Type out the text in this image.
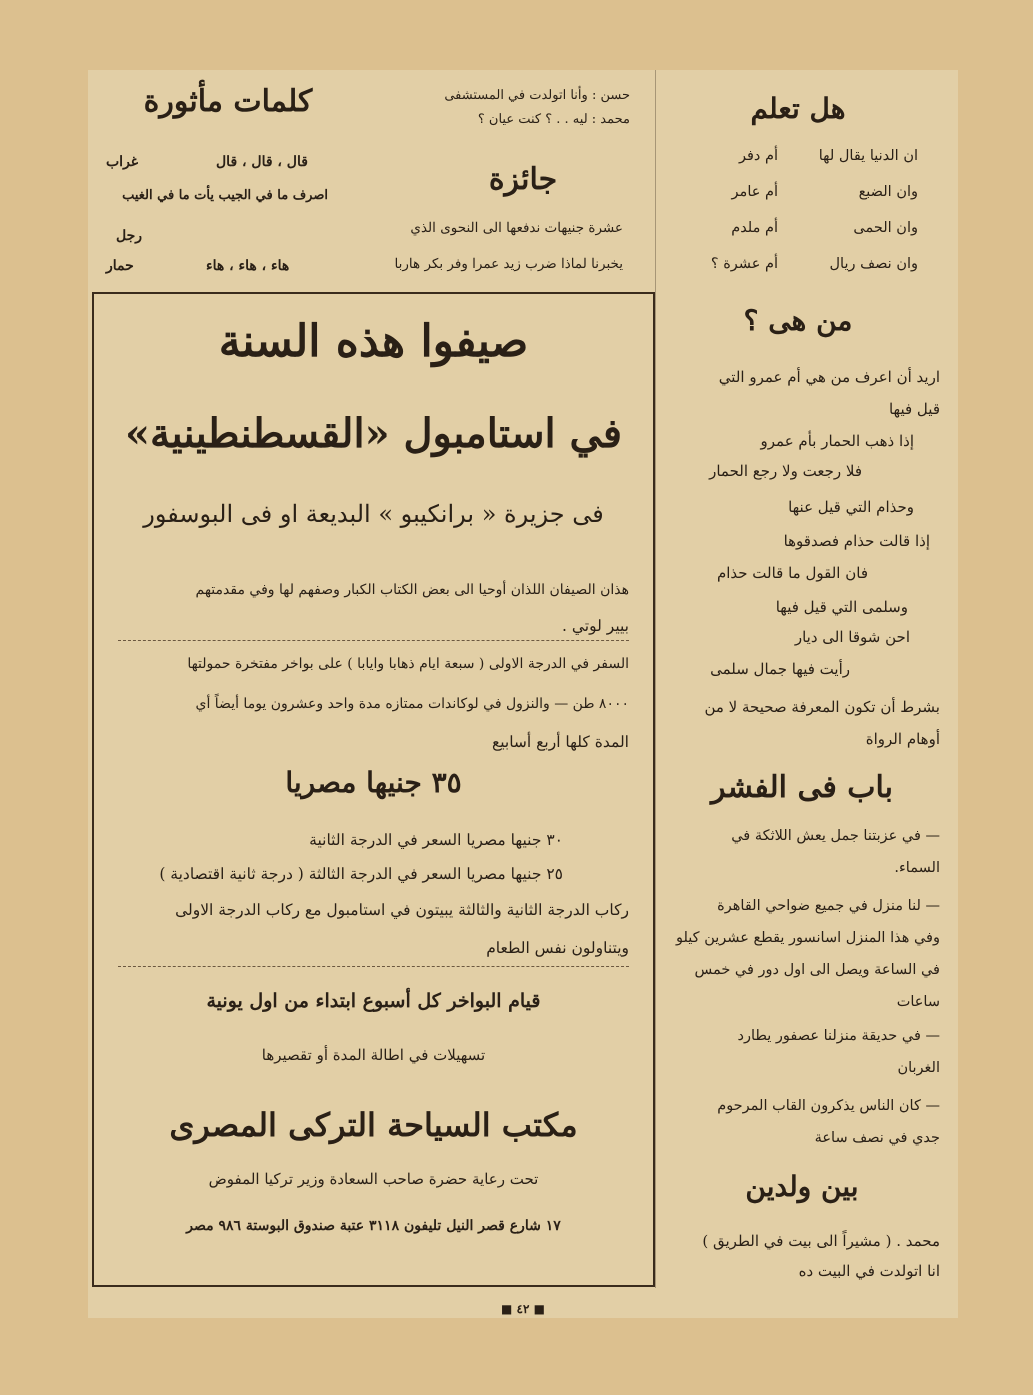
حسن : وأنا اتولدت في المستشفى
محمد : ليه . . ؟ كنت عيان ؟
جائزة
عشرة جنيهات ندفعها الى النحوى الذي
يخبرنا لماذا ضرب زيد عمرا وفر بكر هاربا
كلمات مأثورة
غراب	قال ، قال ، قال
اصرف ما في الجيب يأت ما في الغيب
رجل
حمار	هاء ، هاء ، هاء
هل تعلم
ان الدنيا يقال لها
أم دفر
وان الضبع
أم عامر
وان الحمى
أم ملدم
وان نصف ريال
أم عشرة ؟
من هى ؟
اريد أن اعرف من هي أم عمرو التي
قيل فيها
إذا ذهب الحمار بأم عمرو
فلا رجعت ولا رجع الحمار
وحذام التي قيل عنها
إذا قالت حذام فصدقوها
فان القول ما قالت حذام
وسلمى التي قيل فيها
احن شوقا الى ديار
رأيت فيها جمال سلمى
بشرط أن تكون المعرفة صحيحة لا من
أوهام الرواة
باب فى الفشر
— في عزبتنا جمل يعش اللاثكة في
السماء.
— لنا منزل في جميع ضواحي القاهرة
وفي هذا المنزل اسانسور يقطع عشرين كيلو
في الساعة ويصل الى اول دور في خمس
ساعات
— في حديقة منزلنا عصفور يطارد
الغربان
— كان الناس يذكرون القاب المرحوم
جدي في نصف ساعة
بين ولدين
محمد . ( مشيراً الى بيت في الطريق )
انا اتولدت في البيت ده
صيفوا هذه السنة
في استامبول «القسطنطينية»
فى جزيرة « برانكيبو » البديعة او فى البوسفور
هذان الصيفان اللذان أوحيا الى بعض الكتاب الكبار وصفهم لها وفي مقدمتهم
بيير لوتي .
السفر في الدرجة الاولى ( سبعة ايام ذهابا وايابا ) على بواخر مفتخرة حمولتها
٨٠٠٠ طن — والنزول في لوكاندات ممتازه مدة واحد وعشرون يوما أيضاً أي
المدة كلها أربع أسابيع
٣٥ جنيها مصريا
٣٠ جنيها مصريا السعر في الدرجة الثانية
٢٥ جنيها مصريا السعر في الدرجة الثالثة ( درجة ثانية اقتصادية )
ركاب الدرجة الثانية والثالثة يبيتون في استامبول مع ركاب الدرجة الاولى
ويتناولون نفس الطعام
قيام البواخر كل أسبوع ابتداء من اول يونية
تسهيلات في اطالة المدة أو تقصيرها
مكتب السياحة التركى المصرى
تحت رعاية حضرة صاحب السعادة وزير تركيا المفوض
١٧ شارع قصر النيل تليفون ٣١١٨ عتبة صندوق البوستة ٩٨٦ مصر
■ ٤٢ ■
